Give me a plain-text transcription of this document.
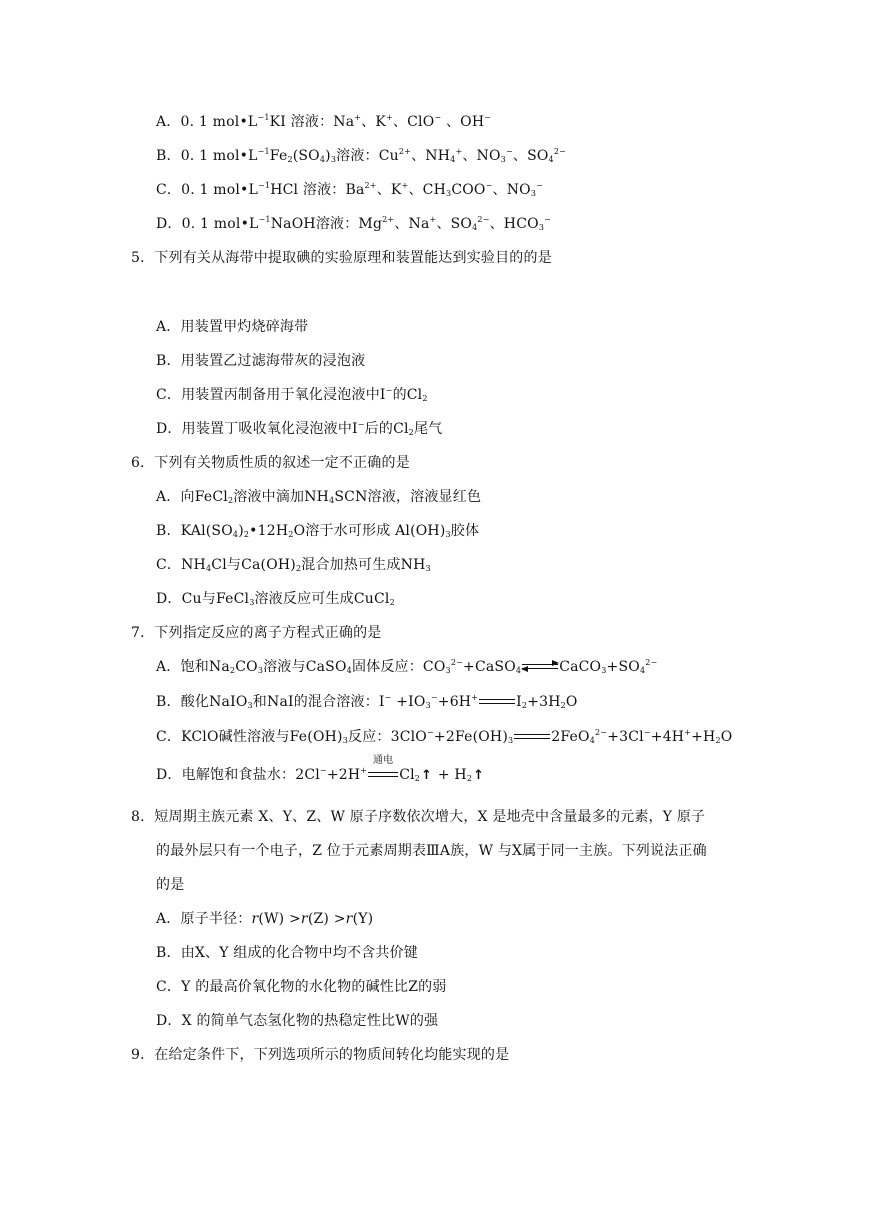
A．0. 1 $mol•L^{-1}KI$ 溶液：Na+、K+、ClO− 、OH−
B．0. 1 $mol•L^{-1}Fe_2(SO_4)_3$溶液：$Cu^{2+}$、$NH_4^+$、$NO_3^-$、$SO_4^{2-}$
C．0. 1 $mol•L^{-1}HCl$ 溶液：$Ba^{2+}$、K+、$CH_3COO^-$、$NO_3^-$
D．0. 1 $mol•L^{-1}NaOH$溶液：$Mg^{2+}$、Na+、$SO_4^{2-}$、$HCO_3^-$
5．下列有关从海带中提取碘的实验原理和装置能达到实验目的的是
A．用装置甲灼烧碎海带
B．用装置乙过滤海带灰的浸泡液
C．用装置丙制备用于氧化浸泡液中I−的$Cl_2$
D．用装置丁吸收氧化浸泡液中I−后的$Cl_2$尾气
6．下列有关物质性质的叙述一定不正确的是
A．向FeCl$_2$溶液中滴加$NH_4SCN$溶液，溶液显红色
B．$KAl(SO_4)_2•12H_2O$溶于水可形成 $Al(OH)_3$胶体
C．$NH_4Cl$与$Ca(OH)_2$混合加热可生成$NH_3$
D．Cu与FeCl$_3$溶液反应可生成CuCl$_2$
7．下列指定反应的离子方程式正确的是
A．饱和$Na_2CO_3$溶液与CaSO$_4$固体反应：$CO_3^{2-}+CaSO_4$	$CaCO_3+SO_4^{2-}$
B．酸化NaIO$_3$和NaI的混合溶液：$I^- +IO_3^-+6H^+$	$I_2+3H_2O$
C．KClO碱性溶液与$Fe(OH)_3$反应：$3ClO^-+2Fe(OH)_3$	$2FeO_4^{2-}+3Cl^-+4H^++H_2O$
D．电解饱和食盐水：2Cl−+2H+
通电
$Cl_2↑$ + $H_2↑$
8．短周期主族元素 X、Y、Z、W 原子序数依次增大，X 是地壳中含量最多的元素，Y 原子
的最外层只有一个电子，Z 位于元素周期表ⅢA族，W 与X属于同一主族。下列说法正确
的是
A．原子半径：r(W) >r(Z) >r(Y)
B．由X、Y 组成的化合物中均不含共价键
C．Y 的最高价氧化物的水化物的碱性比Z的弱
D．X 的简单气态氢化物的热稳定性比W的强
9．在给定条件下，下列选项所示的物质间转化均能实现的是
